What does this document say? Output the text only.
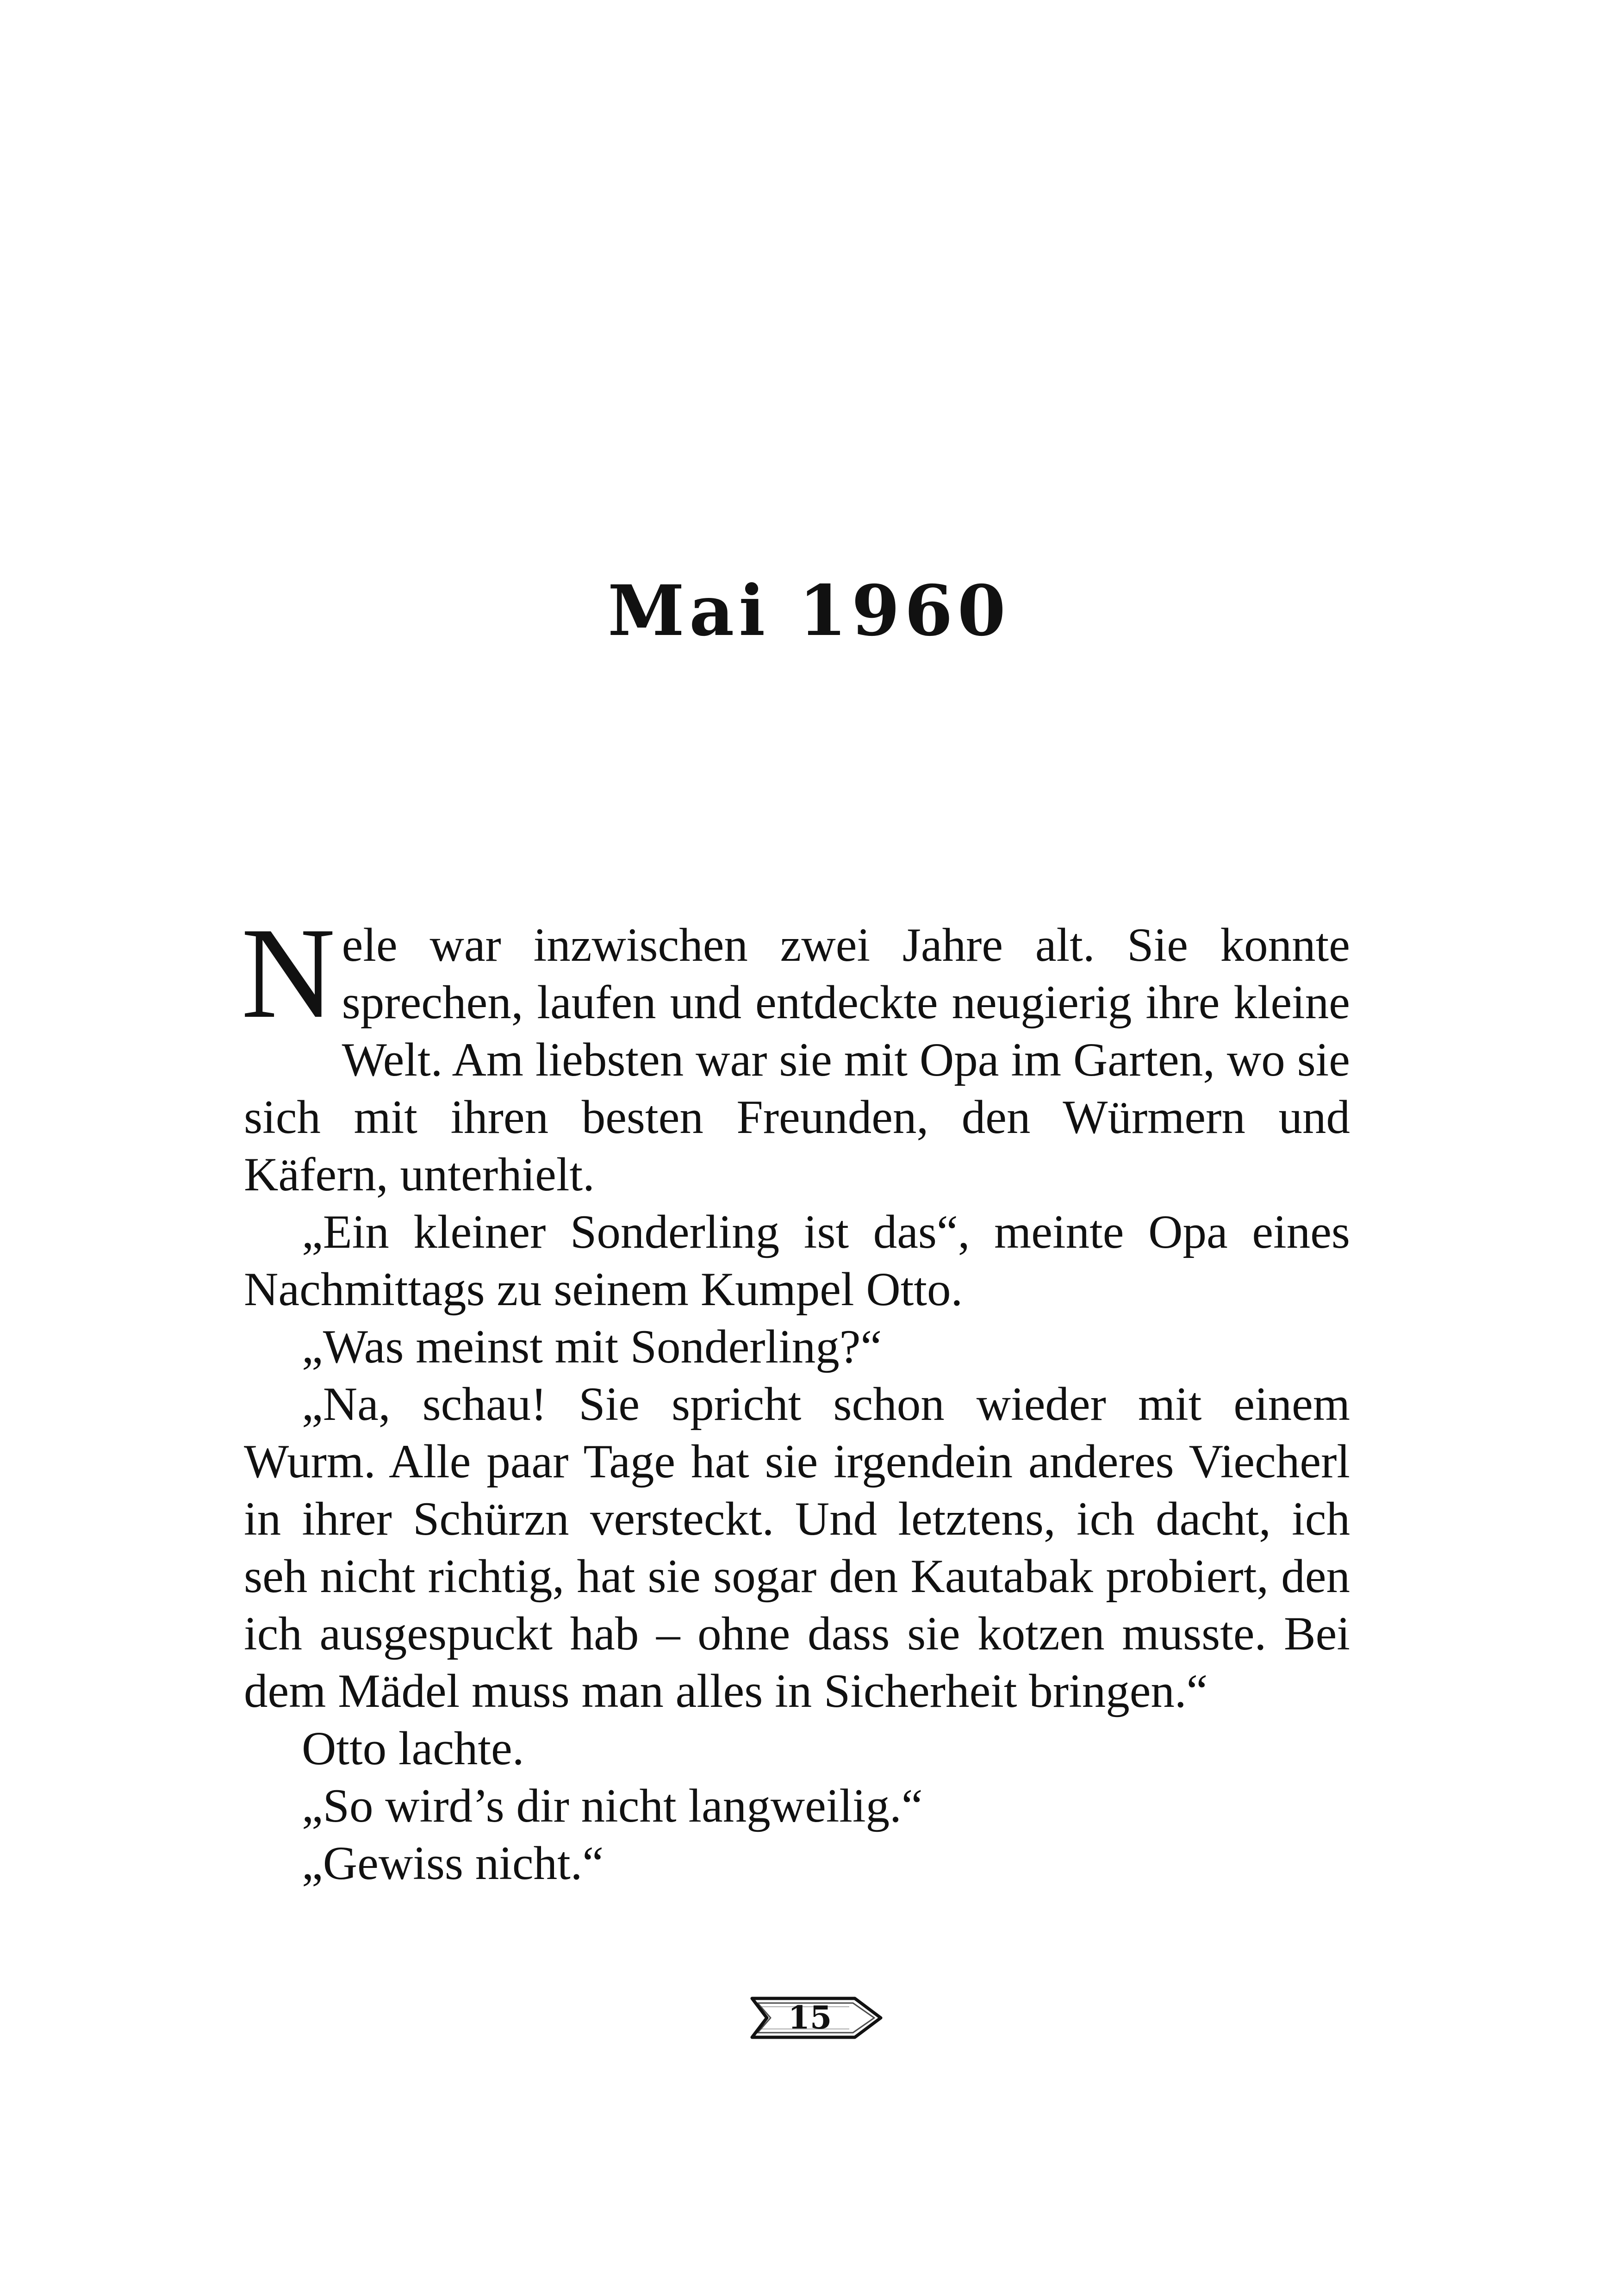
Mai 1960

Nele war inzwischen zwei Jahre alt. Sie konnte sprechen, laufen und entdeckte neugierig ihre kleine Welt. Am liebsten war sie mit Opa im Garten, wo sie sich mit ihren besten Freunden, den Würmern und Käfern, unterhielt.

„Ein kleiner Sonderling ist das“, meinte Opa eines Nachmittags zu seinem Kumpel Otto.

„Was meinst mit Sonderling?“

„Na, schau! Sie spricht schon wieder mit einem Wurm. Alle paar Tage hat sie irgendein anderes Viecherl in ihrer Schürzn versteckt. Und letztens, ich dacht, ich seh nicht richtig, hat sie sogar den Kautabak probiert, den ich ausgespuckt hab – ohne dass sie kotzen musste. Bei dem Mädel muss man alles in Sicherheit bringen.“

Otto lachte.

„So wird’s dir nicht langweilig.“

„Gewiss nicht.“

15
